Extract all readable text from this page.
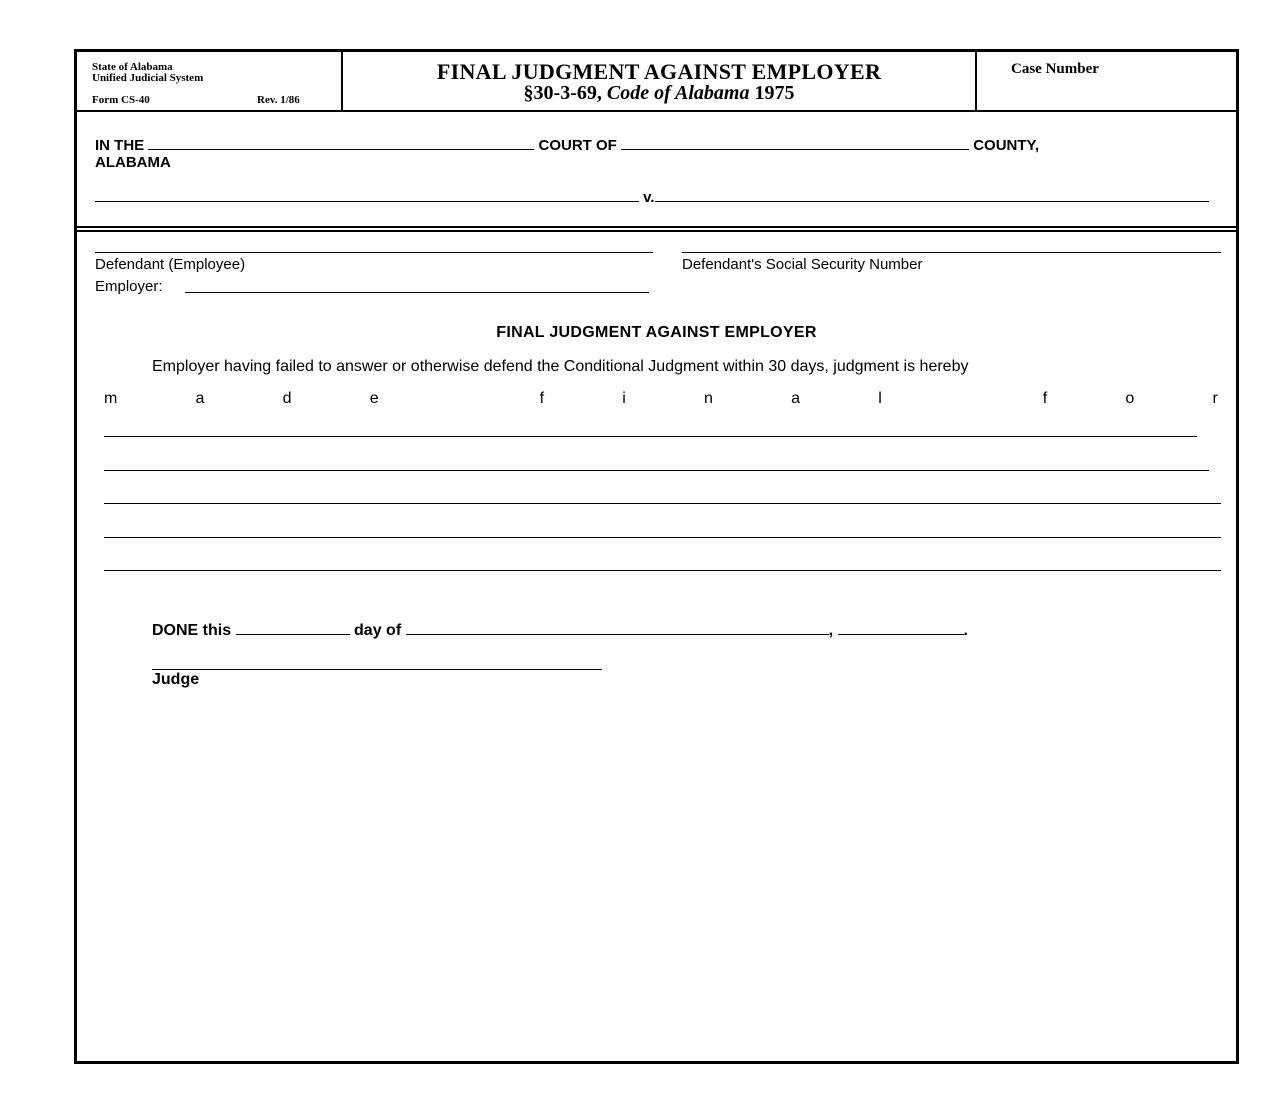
State of Alabama
Unified Judicial System
Form CS-40	Rev. 1/86
FINAL JUDGMENT AGAINST EMPLOYER
§30-3-69, Code of Alabama 1975
Case Number
IN THE	COURT OF	COUNTY,
ALABAMA
v.
Defendant (Employee)	Defendant's Social Security Number
Employer:
FINAL JUDGMENT AGAINST EMPLOYER
Employer having failed to answer or otherwise defend the Conditional Judgment within 30 days, judgment is hereby
m	a	d	e
	f	i	n	a	l
	f	o	r
DONE this	day of	,	.
Judge
